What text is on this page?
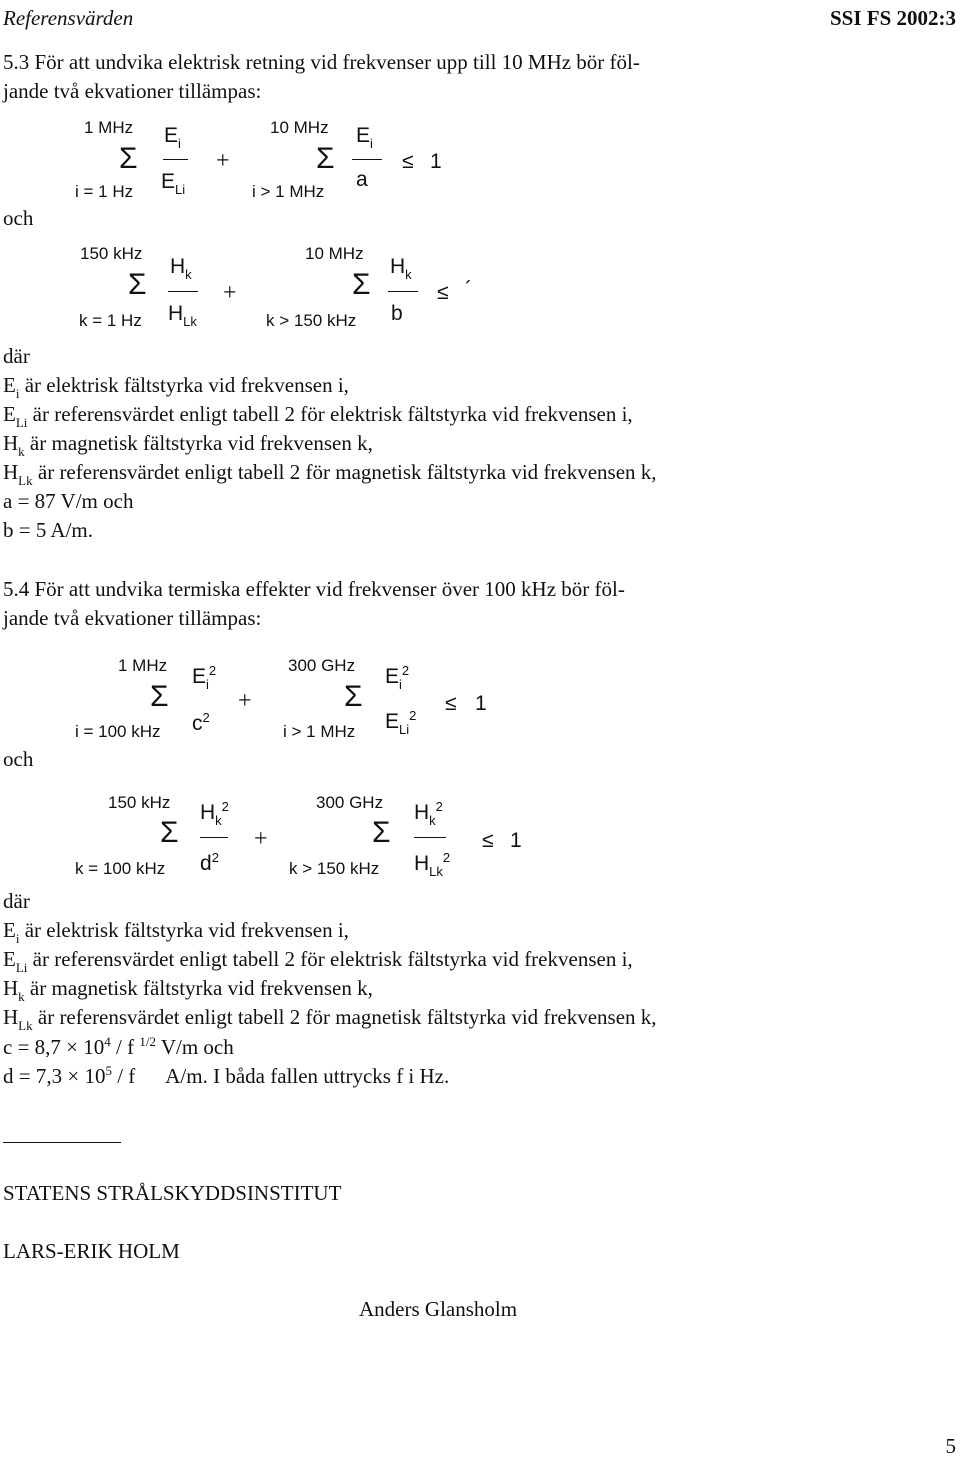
Referensvärden	SSI FS 2002:3
5.3 För att undvika elektrisk retning vid frekvenser upp till 10 MHz bör föl-
jande två ekvationer tillämpas:
1 MHz
Σ
i = 1 Hz
$E_i$
$E_{Li}$
+
10 MHz
Σ
i > 1 MHz
$E_i$
a
≤ 1
och
150 kHz
Σ
k = 1 Hz
$H_k$
$H_{Lk}$
+
10 MHz
Σ
k > 150 kHz
$H_k$
b
≤ ´
där
$E_i$ är elektrisk fältstyrka vid frekvensen i,
$E_{Li}$ är referensvärdet enligt tabell 2 för elektrisk fältstyrka vid frekvensen i,
$H_k$ är magnetisk fältstyrka vid frekvensen k,
$H_{Lk}$ är referensvärdet enligt tabell 2 för magnetisk fältstyrka vid frekvensen k,
a = 87 V/m och
b = 5 A/m.
5.4 För att undvika termiska effekter vid frekvenser över 100 kHz bör föl-
jande två ekvationer tillämpas:
1 MHz
Σ
i = 100 kHz
$E_i^2$
$c^2$
+
300 GHz
Σ
i > 1 MHz
$E_i^2$
$E_{Li}^2$
≤ 1
och
150 kHz
Σ
k = 100 kHz
$H_k^2$
$d^2$
+
300 GHz
Σ
k > 150 kHz
$H_k^2$
$H_{Lk}^2$
≤ 1
där
$E_i$ är elektrisk fältstyrka vid frekvensen i,
$E_{Li}$ är referensvärdet enligt tabell 2 för elektrisk fältstyrka vid frekvensen i,
$H_k$ är magnetisk fältstyrka vid frekvensen k,
$H_{Lk}$ är referensvärdet enligt tabell 2 för magnetisk fältstyrka vid frekvensen k,
$c = 8,7 \times 10^4 / f$ $^{1/2}$ V/m och
$d = 7,3 \times 10^5 / f$ A/m. I båda fallen uttrycks f i Hz.
STATENS STRÅLSKYDDSINSTITUT
LARS-ERIK HOLM
Anders Glansholm
5
